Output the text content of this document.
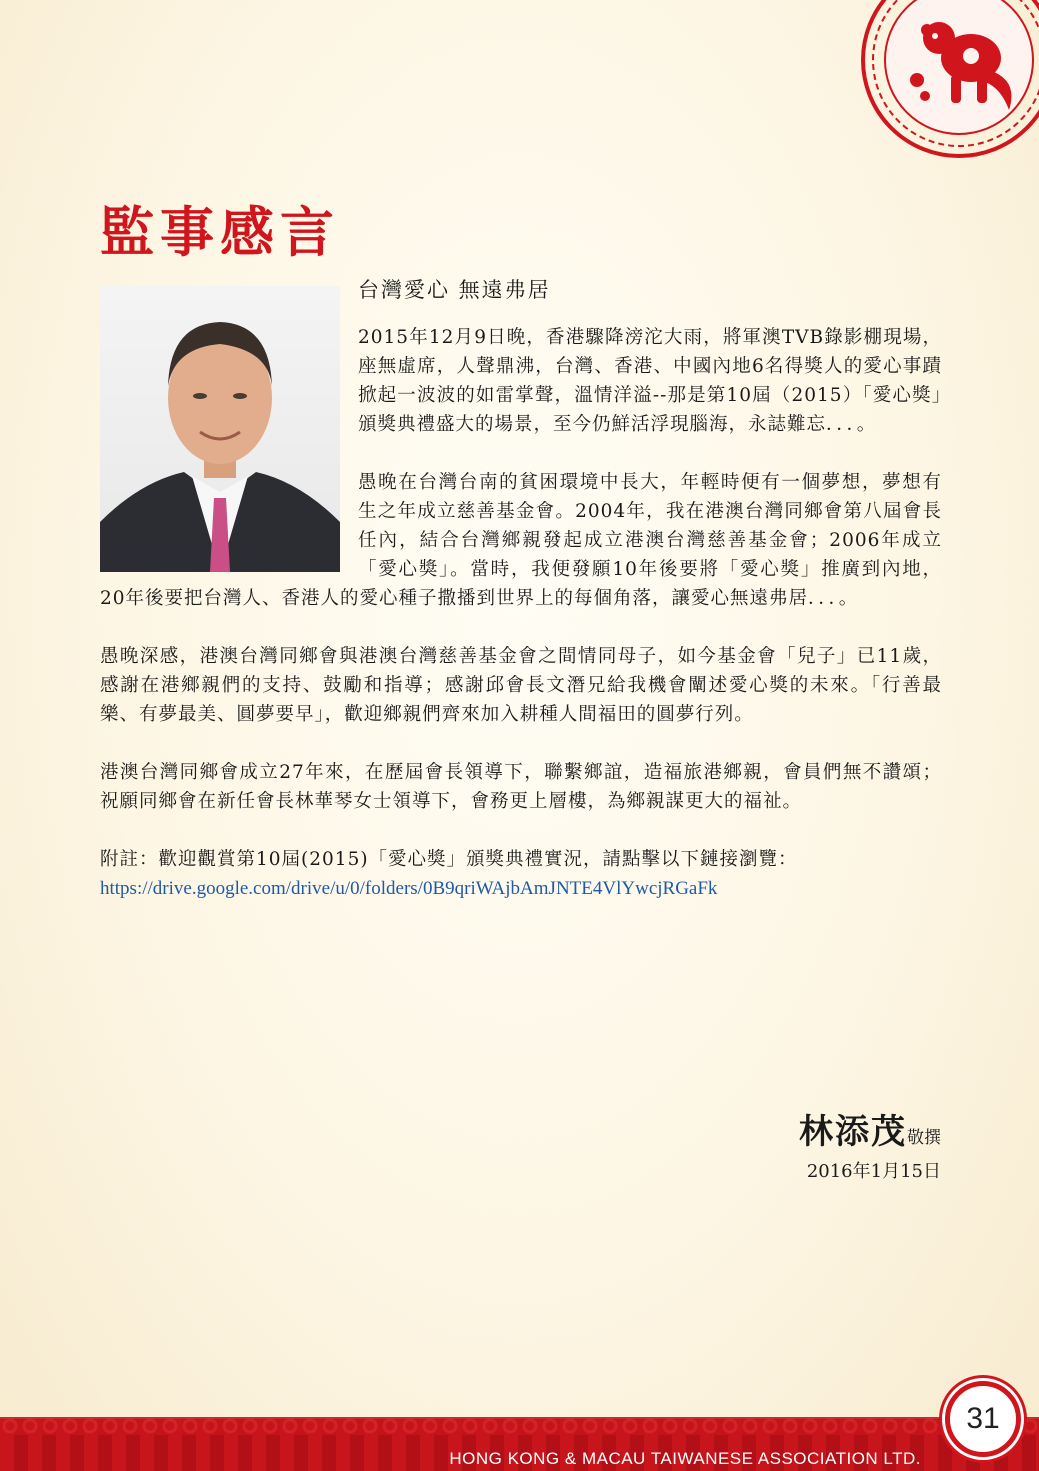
監事感言
台灣愛心 無遠弗居

2015年12月9日晚，香港驟降滂沱大雨，將軍澳TVB錄影棚現場，座無虛席，人聲鼎沸，台灣、香港、中國內地6名得獎人的愛心事蹟掀起一波波的如雷掌聲，溫情洋溢--那是第10屆（2015）「愛心獎」頒獎典禮盛大的場景，至今仍鮮活浮現腦海，永誌難忘．．．。

愚晚在台灣台南的貧困環境中長大，年輕時便有一個夢想，夢想有生之年成立慈善基金會。2004年，我在港澳台灣同鄉會第八屆會長任內，結合台灣鄉親發起成立港澳台灣慈善基金會；2006年成立「愛心獎」。當時，我便發願10年後要將「愛心獎」推廣到內地，20年後要把台灣人、香港人的愛心種子撒播到世界上的每個角落，讓愛心無遠弗居．．．。

愚晚深感，港澳台灣同鄉會與港澳台灣慈善基金會之間情同母子，如今基金會「兒子」已11歲，感謝在港鄉親們的支持、鼓勵和指導；感謝邱會長文潛兄給我機會闡述愛心獎的未來。「行善最樂、有夢最美、圓夢要早」，歡迎鄉親們齊來加入耕種人間福田的圓夢行列。

港澳台灣同鄉會成立27年來，在歷屆會長領導下，聯繫鄉誼，造福旅港鄉親，會員們無不讚頌；祝願同鄉會在新任會長林華琴女士領導下，會務更上層樓，為鄉親謀更大的福祉。

附註：歡迎觀賞第10屆(2015)「愛心獎」頒獎典禮實況，請點擊以下鏈接瀏覽：

https://drive.google.com/drive/u/0/folders/0B9qriWAjbAmJNTE4VlYwcjRGaFk

林添茂敬撰
2016年1月15日
HONG KONG & MACAU TAIWANESE ASSOCIATION LTD.
31
